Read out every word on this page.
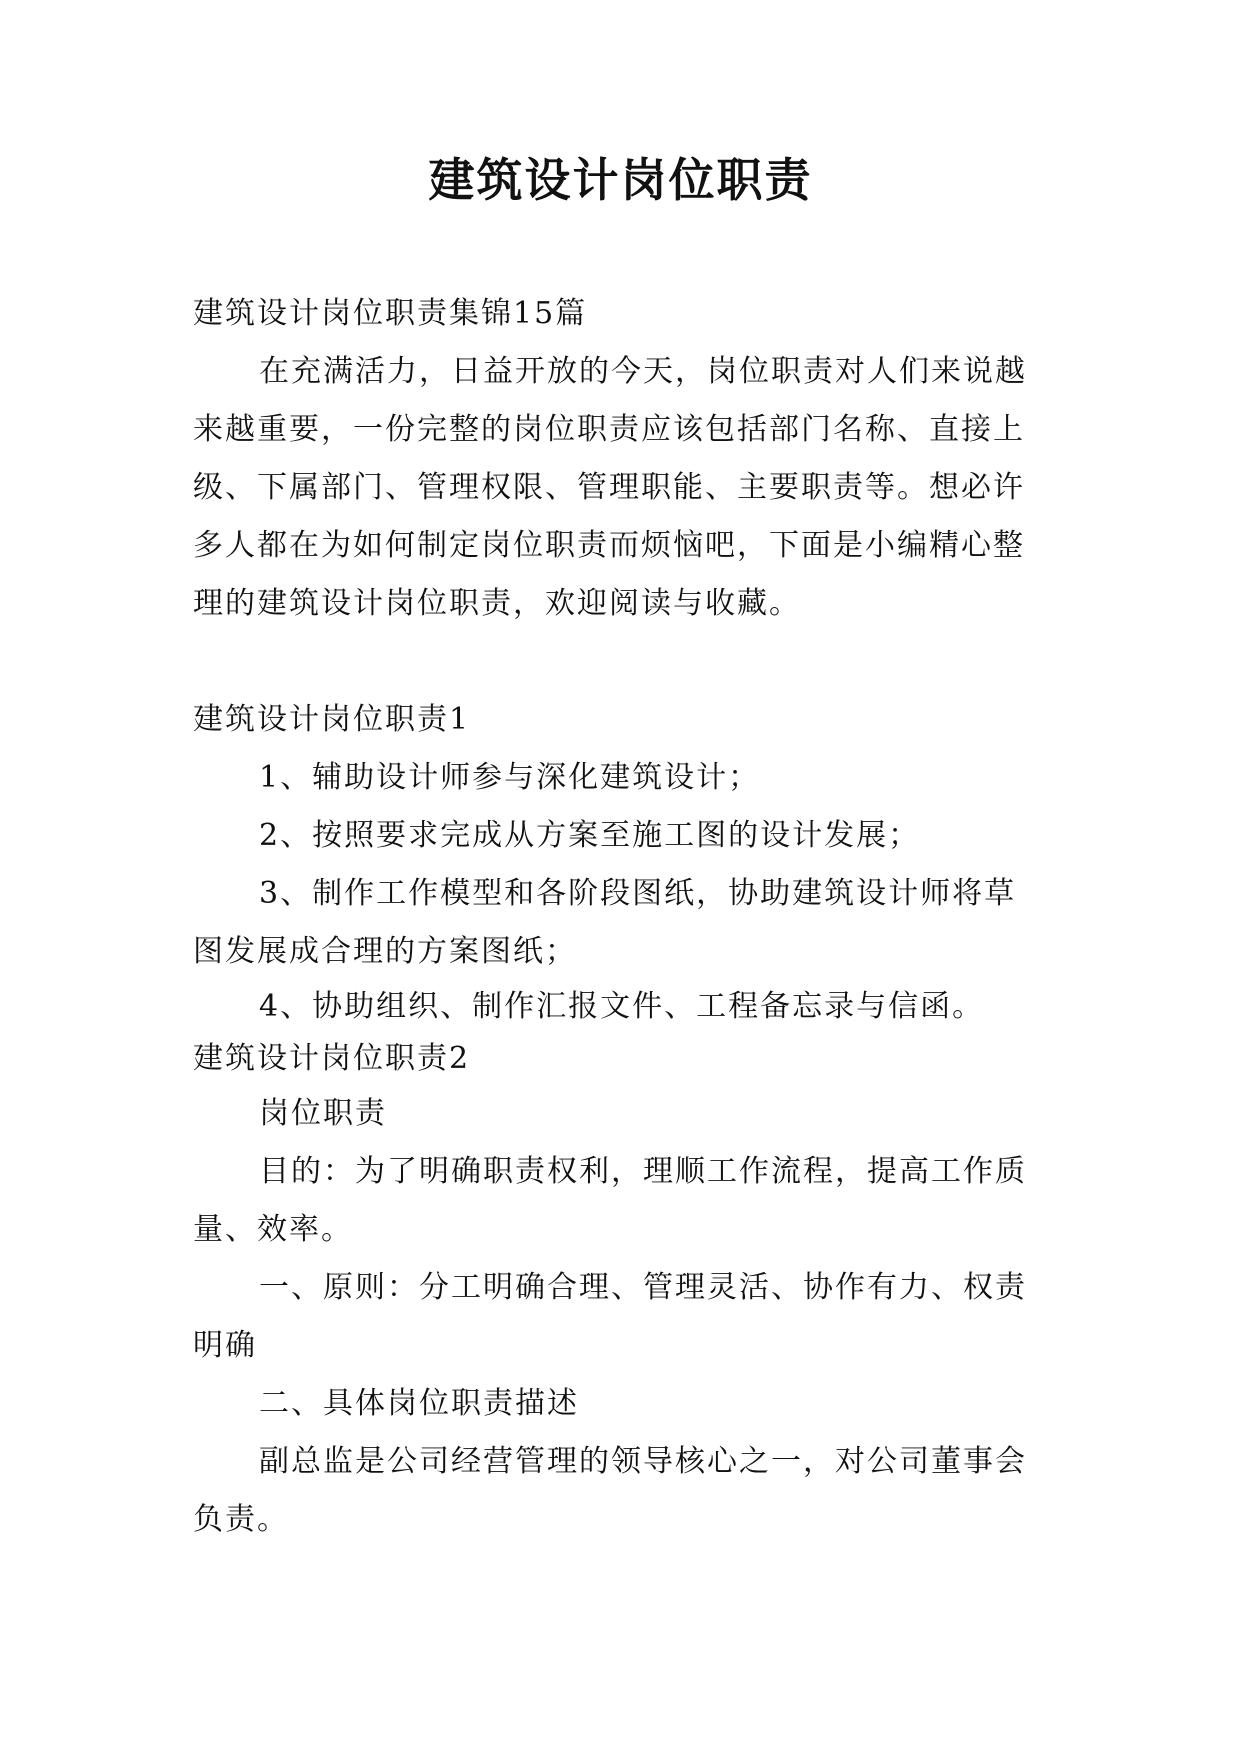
建筑设计岗位职责

建筑设计岗位职责集锦15篇

在充满活力，日益开放的今天，岗位职责对人们来说越

来越重要，一份完整的岗位职责应该包括部门名称、直接上

级、下属部门、管理权限、管理职能、主要职责等。想必许

多人都在为如何制定岗位职责而烦恼吧，下面是小编精心整

理的建筑设计岗位职责，欢迎阅读与收藏。

建筑设计岗位职责1

1、辅助设计师参与深化建筑设计；

2、按照要求完成从方案至施工图的设计发展；

3、制作工作模型和各阶段图纸，协助建筑设计师将草

图发展成合理的方案图纸；

4、协助组织、制作汇报文件、工程备忘录与信函。

建筑设计岗位职责2

岗位职责

目的：为了明确职责权利，理顺工作流程，提高工作质

量、效率。

一、原则：分工明确合理、管理灵活、协作有力、权责

明确

二、具体岗位职责描述

副总监是公司经营管理的领导核心之一，对公司董事会

负责。
